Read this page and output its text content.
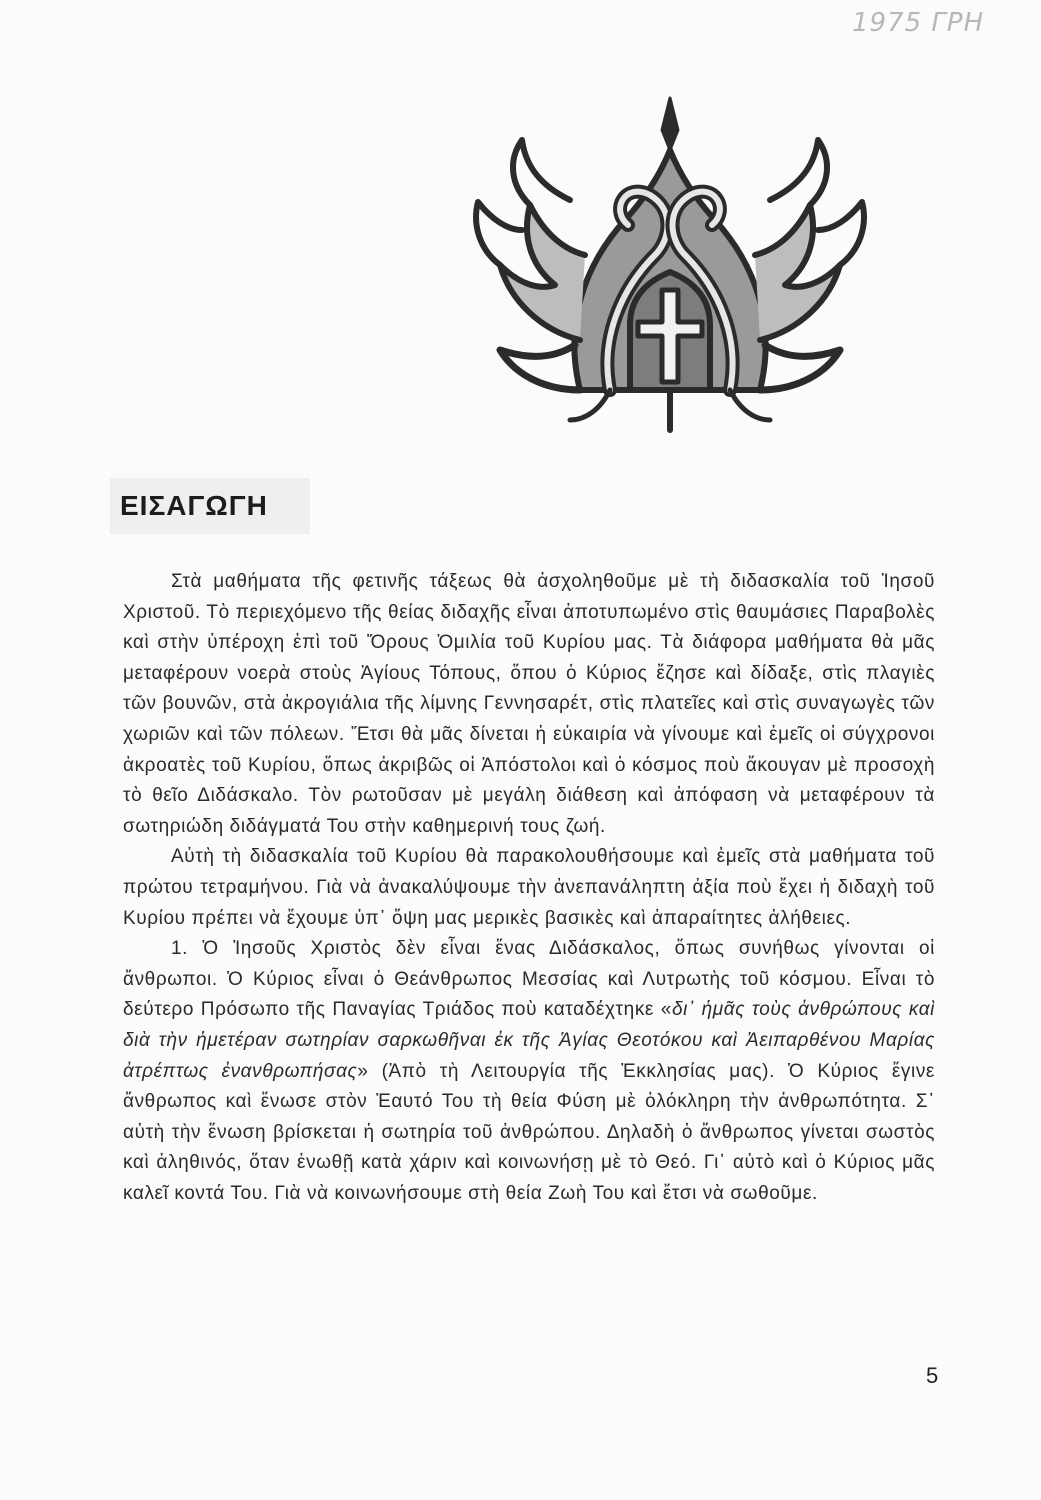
1975 ΓΡΗ
ΕΙΣΑΓΩΓΗ

Στὰ μαθήματα τῆς φετινῆς τάξεως θὰ ἀσχοληθοῦμε μὲ τὴ διδασκαλία τοῦ Ἰησοῦ Χριστοῦ. Τὸ περιεχόμενο τῆς θείας διδαχῆς εἶναι ἀποτυπωμένο στὶς θαυμάσιες Παραβολὲς καὶ στὴν ὑπέροχη ἐπὶ τοῦ Ὄρους Ὁμιλία τοῦ Κυρίου μας. Τὰ διάφορα μαθήματα θὰ μᾶς μεταφέρουν νοερὰ στοὺς Ἁγίους Τόπους, ὅπου ὁ Κύριος ἔζησε καὶ δίδαξε, στὶς πλαγιὲς τῶν βουνῶν, στὰ ἀκρογιάλια τῆς λίμνης Γεννησαρέτ, στὶς πλατεῖες καὶ στὶς συναγωγὲς τῶν χωριῶν καὶ τῶν πόλεων. Ἔτσι θὰ μᾶς δίνεται ἡ εὐκαιρία νὰ γίνουμε καὶ ἐμεῖς οἱ σύγχρονοι ἀκροατὲς τοῦ Κυρίου, ὅπως ἀκριβῶς οἱ Ἀπόστολοι καὶ ὁ κόσμος ποὺ ἄκουγαν μὲ προσοχὴ τὸ θεῖο Διδάσκαλο. Τὸν ρωτοῦσαν μὲ μεγάλη διάθεση καὶ ἀπόφαση νὰ μεταφέρουν τὰ σωτηριώδη διδάγματά Του στὴν καθημερινή τους ζωή.

Αὐτὴ τὴ διδασκαλία τοῦ Κυρίου θὰ παρακολουθήσουμε καὶ ἐμεῖς στὰ μαθήματα τοῦ πρώτου τετραμήνου. Γιὰ νὰ ἀνακαλύψουμε τὴν ἀνεπανάληπτη ἀξία ποὺ ἔχει ἡ διδαχὴ τοῦ Κυρίου πρέπει νὰ ἔχουμε ὑπ᾽ ὄψη μας μερικὲς βασικὲς καὶ ἀπαραίτητες ἀλήθειες.

1. Ὁ Ἰησοῦς Χριστὸς δὲν εἶναι ἕνας Διδάσκαλος, ὅπως συνήθως γίνονται οἱ ἄνθρωποι. Ὁ Κύριος εἶναι ὁ Θεάνθρωπος Μεσσίας καὶ Λυτρωτὴς τοῦ κόσμου. Εἶναι τὸ δεύτερο Πρόσωπο τῆς Παναγίας Τριάδος ποὺ καταδέχτηκε «δι᾽ ἡμᾶς τοὺς ἀνθρώπους καὶ διὰ τὴν ἡμετέραν σωτηρίαν σαρκωθῆναι ἐκ τῆς Ἁγίας Θεοτόκου καὶ Ἀειπαρθένου Μαρίας ἀτρέπτως ἐνανθρωπήσας» (Ἀπὸ τὴ Λειτουργία τῆς Ἐκκλησίας μας). Ὁ Κύριος ἔγινε ἄνθρωπος καὶ ἕνωσε στὸν Ἑαυτό Του τὴ θεία Φύση μὲ ὁλόκληρη τὴν ἀνθρωπότητα. Σ᾽ αὐτὴ τὴν ἕνωση βρίσκεται ἡ σωτηρία τοῦ ἀνθρώπου. Δηλαδὴ ὁ ἄνθρωπος γίνεται σωστὸς καὶ ἀληθινός, ὅταν ἑνωθῇ κατὰ χάριν καὶ κοινωνήσῃ μὲ τὸ Θεό. Γι᾽ αὐτὸ καὶ ὁ Κύριος μᾶς καλεῖ κοντά Του. Γιὰ νὰ κοινωνήσουμε στὴ θεία Ζωὴ Του καὶ ἔτσι νὰ σωθοῦμε.

5
